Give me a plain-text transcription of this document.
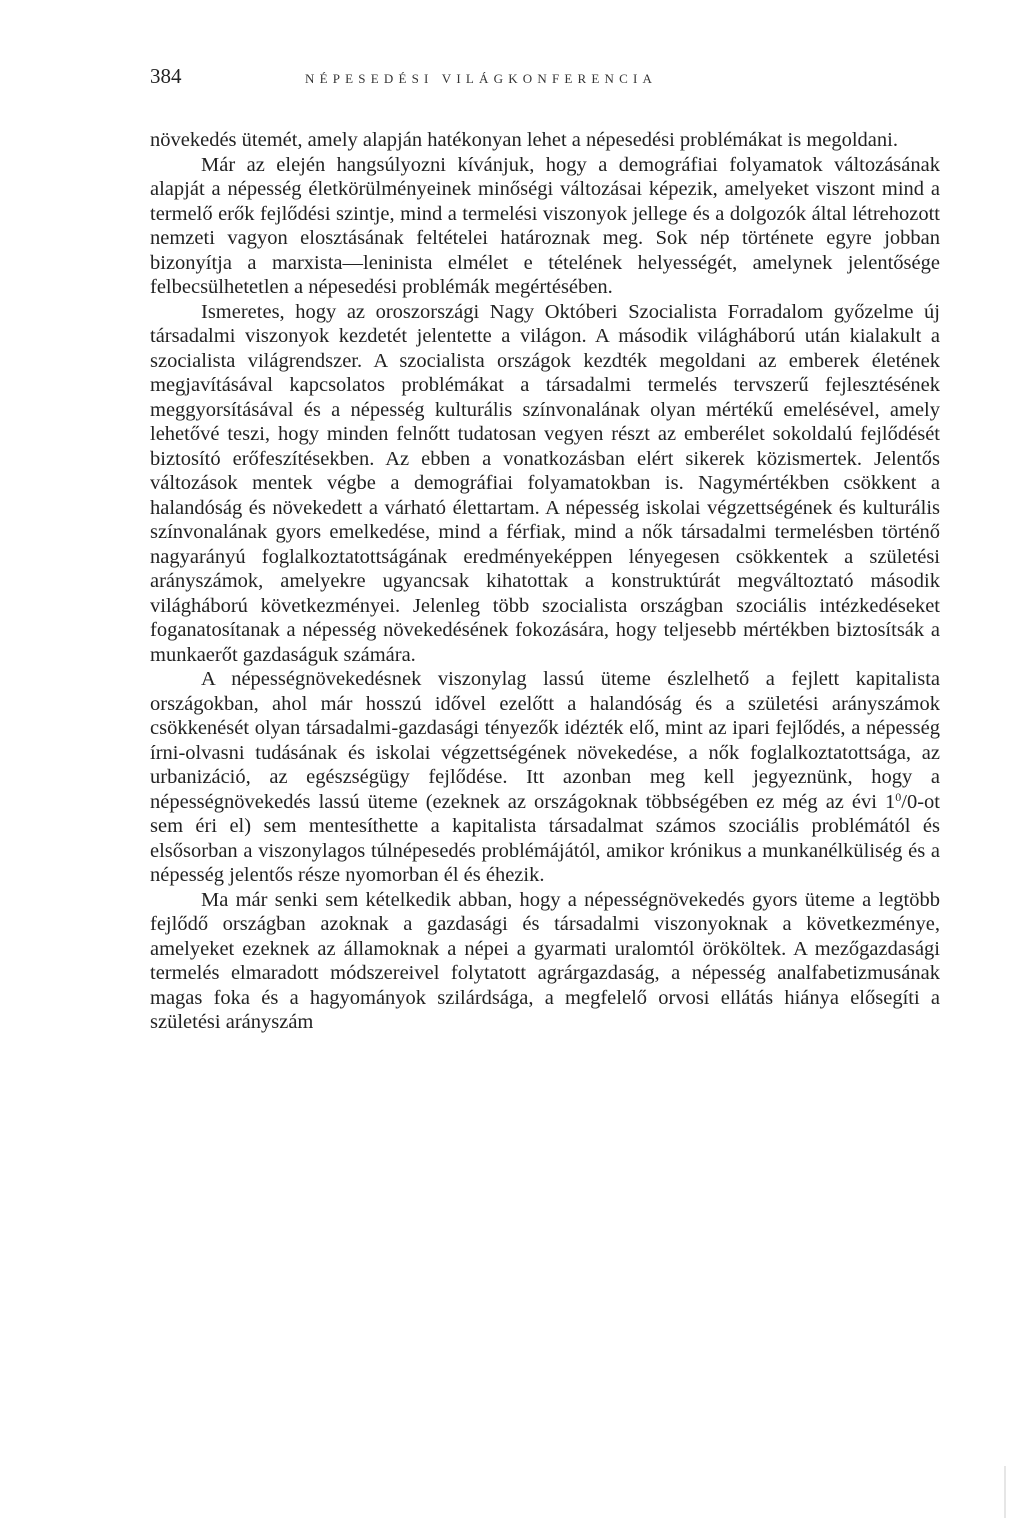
384	NÉPESEDÉSI VILÁGKONFERENCIA

növekedés ütemét, amely alapján hatékonyan lehet a népesedési problémákat is megoldani.

Már az elején hangsúlyozni kívánjuk, hogy a demográfiai folyamatok változásának alapját a népesség életkörülményeinek minőségi változásai képezik, amelyeket viszont mind a termelő erők fejlődési szintje, mind a termelési viszonyok jellege és a dolgozók által létrehozott nemzeti vagyon elosztásának feltételei határoznak meg. Sok nép története egyre jobban bizonyítja a marxista—leninista elmélet e tételének helyességét, amelynek jelentősége felbecsülhetetlen a népesedési problémák megértésében.

Ismeretes, hogy az oroszországi Nagy Októberi Szocialista Forradalom győzelme új társadalmi viszonyok kezdetét jelentette a világon. A második világháború után kialakult a szocialista világrendszer. A szocialista országok kezdték megoldani az emberek életének megjavításával kapcsolatos problémákat a társadalmi termelés tervszerű fejlesztésének meggyorsításával és a népesség kulturális színvonalának olyan mértékű emelésével, amely lehetővé teszi, hogy minden felnőtt tudatosan vegyen részt az emberélet sokoldalú fejlődését biztosító erőfeszítésekben. Az ebben a vonatkozásban elért sikerek közismertek. Jelentős változások mentek végbe a demográfiai folyamatokban is. Nagymértékben csökkent a halandóság és növekedett a várható élettartam. A népesség iskolai végzettségének és kulturális színvonalának gyors emelkedése, mind a férfiak, mind a nők társadalmi termelésben történő nagyarányú foglalkoztatottságának eredményeképpen lényegesen csökkentek a születési arányszámok, amelyekre ugyancsak kihatottak a konstruktúrát megváltoztató második világháború következményei. Jelenleg több szocialista országban szociális intézkedéseket foganatosítanak a népesség növekedésének fokozására, hogy teljesebb mértékben biztosítsák a munkaerőt gazdaságuk számára.

A népességnövekedésnek viszonylag lassú üteme észlelhető a fejlett kapitalista országokban, ahol már hosszú idővel ezelőtt a halandóság és a születési arányszámok csökkenését olyan társadalmi-gazdasági tényezők idézték elő, mint az ipari fejlődés, a népesség írni-olvasni tudásának és iskolai végzettségének növekedése, a nők foglalkoztatottsága, az urbanizáció, az egészségügy fejlődése. Itt azonban meg kell jegyeznünk, hogy a népességnövekedés lassú üteme (ezeknek az országoknak többségében ez még az évi $1^0/0-ot$ sem éri el) sem mentesíthette a kapitalista társadalmat számos szociális problémától és elsősorban a viszonylagos túlnépesedés problémájától, amikor krónikus a munkanélküliség és a népesség jelentős része nyomorban él és éhezik.

Ma már senki sem kételkedik abban, hogy a népességnövekedés gyors üteme a legtöbb fejlődő országban azoknak a gazdasági és társadalmi viszonyoknak a következménye, amelyeket ezeknek az államoknak a népei a gyarmati uralomtól örököltek. A mezőgazdasági termelés elmaradott módszereivel folytatott agrárgazdaság, a népesség analfabetizmusának magas foka és a hagyományok szilárdsága, a megfelelő orvosi ellátás hiánya elősegíti a születési arányszám
